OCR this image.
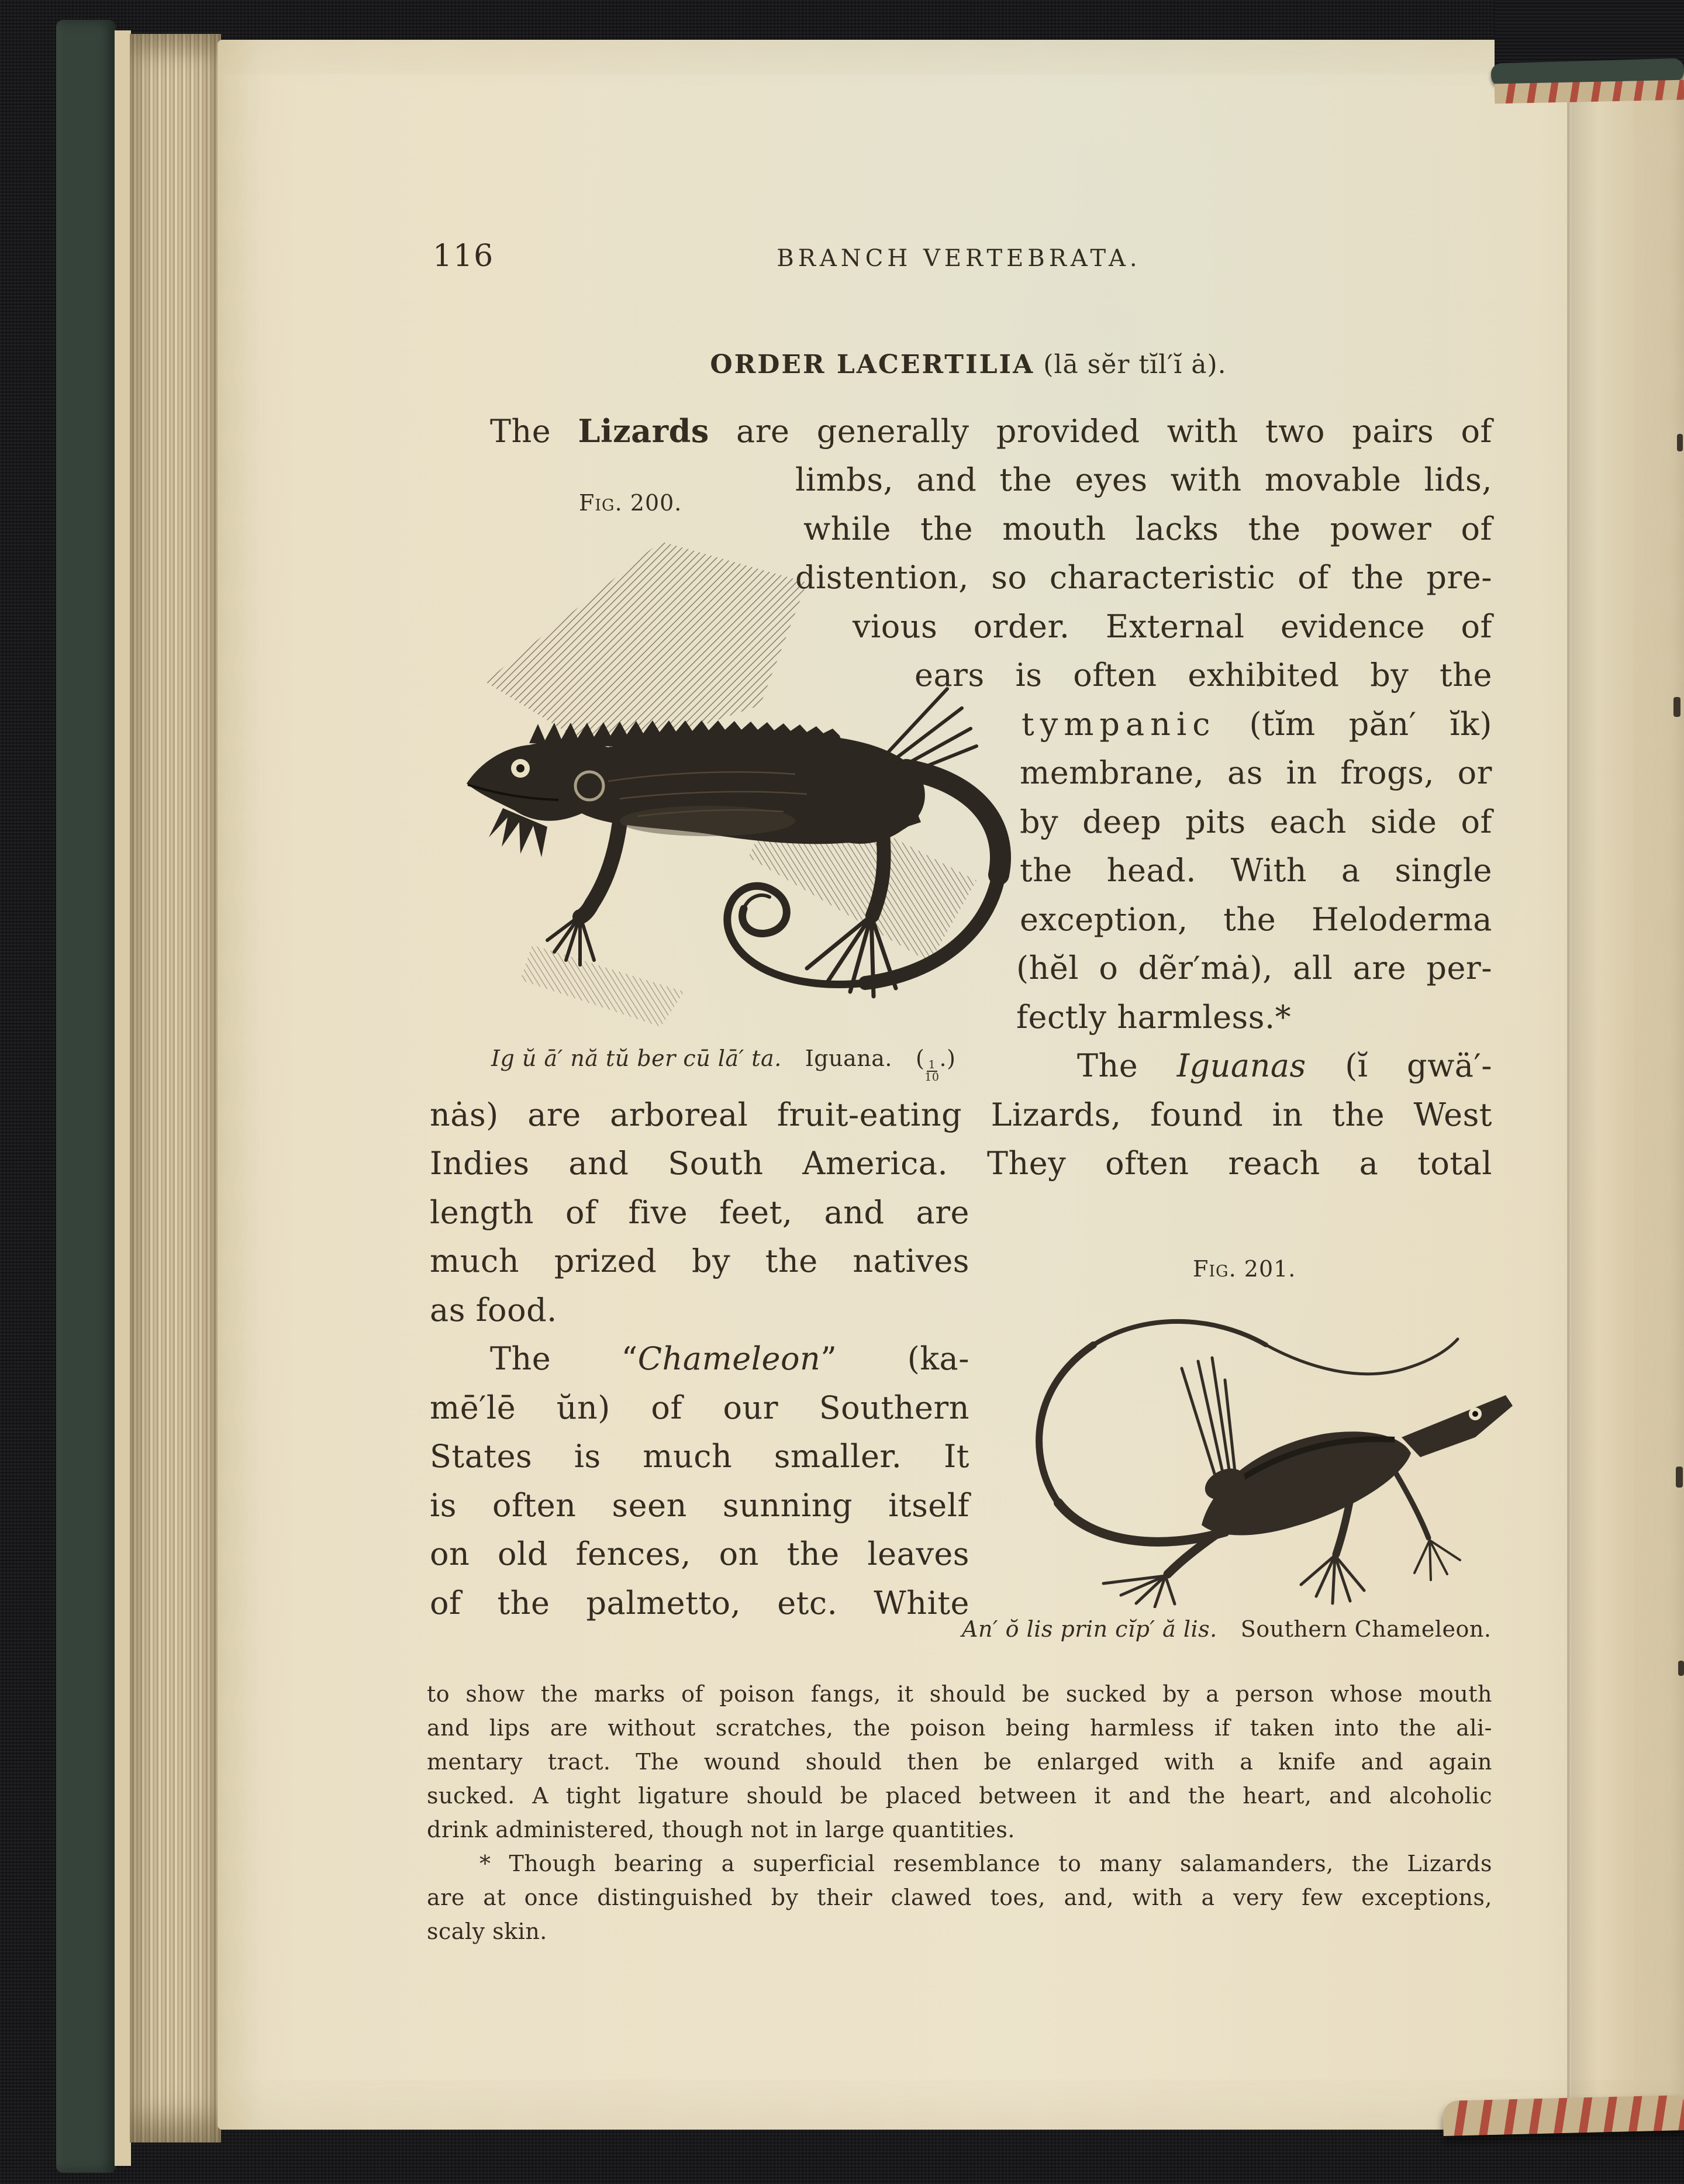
116	BRANCH VERTEBRATA.
ORDER LACERTILIA (lā sĕr tĭl′ĭ ȧ).
The Lizards are generally provided with two pairs of
limbs, and the eyes with movable lids,
while the mouth lacks the power of
distention, so characteristic of the pre-
vious order. External evidence of
ears is often exhibited by the
tympanic (tĭm păn′ ĭk)
membrane, as in frogs, or
by deep pits each side of
the head. With a single
exception, the Heloderma
(hĕl o dẽr′mȧ), all are per-
fectly harmless.*
The Iguanas (ĭ gwä′-
nȧs) are arboreal fruit-eating Lizards, found in the West
Indies and South America. They often reach a total
length of five feet, and are
much prized by the natives
as food.
The “Chameleon” (ka-
mē′lē ŭn) of our Southern
States is much smaller. It
is often seen sunning itself
on old fences, on the leaves
of the palmetto, etc. White
Fig. 200.
Ig ŭ ā′ nă tŭ ber cū lā′ ta. Iguana. ( $\frac{1}{10}$ .)
Fig. 201.
An′ ŏ lis prin cĭp′ ă lis. Southern Chameleon.
to show the marks of poison fangs, it should be sucked by a person whose mouth
and lips are without scratches, the poison being harmless if taken into the ali-
mentary tract. The wound should then be enlarged with a knife and again
sucked. A tight ligature should be placed between it and the heart, and alcoholic
drink administered, though not in large quantities.
* Though bearing a superficial resemblance to many salamanders, the Lizards
are at once distinguished by their clawed toes, and, with a very few exceptions,
scaly skin.
